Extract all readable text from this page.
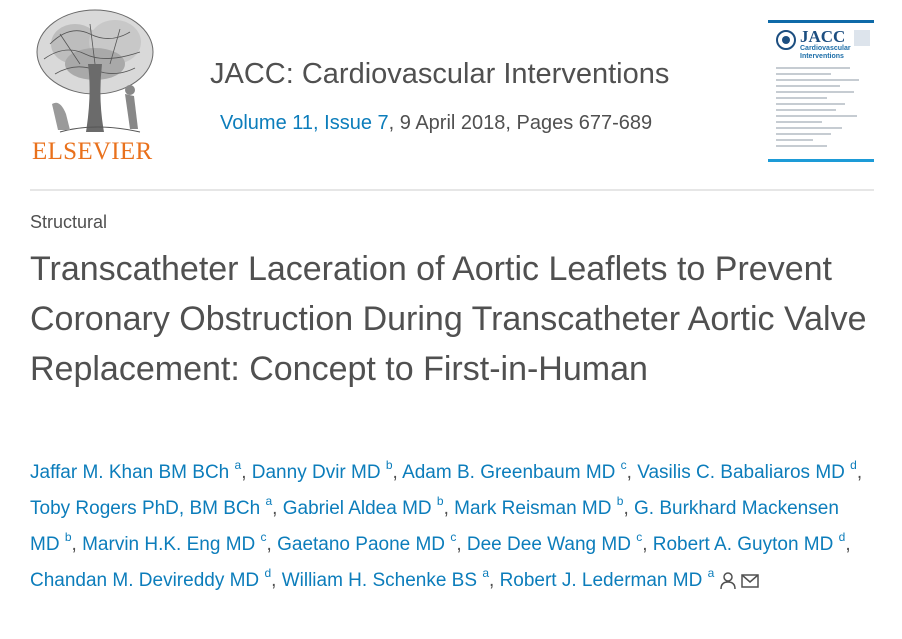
ELSEVIER
JACC: Cardiovascular Interventions
Volume 11, Issue 7, 9 April 2018, Pages 677-689
JACC
Cardiovascular
Interventions
Structural
Transcatheter Laceration of Aortic Leaflets to Prevent Coronary Obstruction During Transcatheter Aortic Valve Replacement: Concept to First-in-Human
Jaffar M. Khan BM BCh $^a$, Danny Dvir MD $^b$, Adam B. Greenbaum MD $^c$, Vasilis C. Babaliaros MD $^d$, Toby Rogers PhD, BM BCh $^a$, Gabriel Aldea MD $^b$, Mark Reisman MD $^b$, G. Burkhard Mackensen MD $^b$, Marvin H.K. Eng MD $^c$, Gaetano Paone MD $^c$, Dee Dee Wang MD $^c$, Robert A. Guyton MD $^d$, Chandan M. Devireddy MD $^d$, William H. Schenke BS $^a$, Robert J. Lederman MD $^a$
